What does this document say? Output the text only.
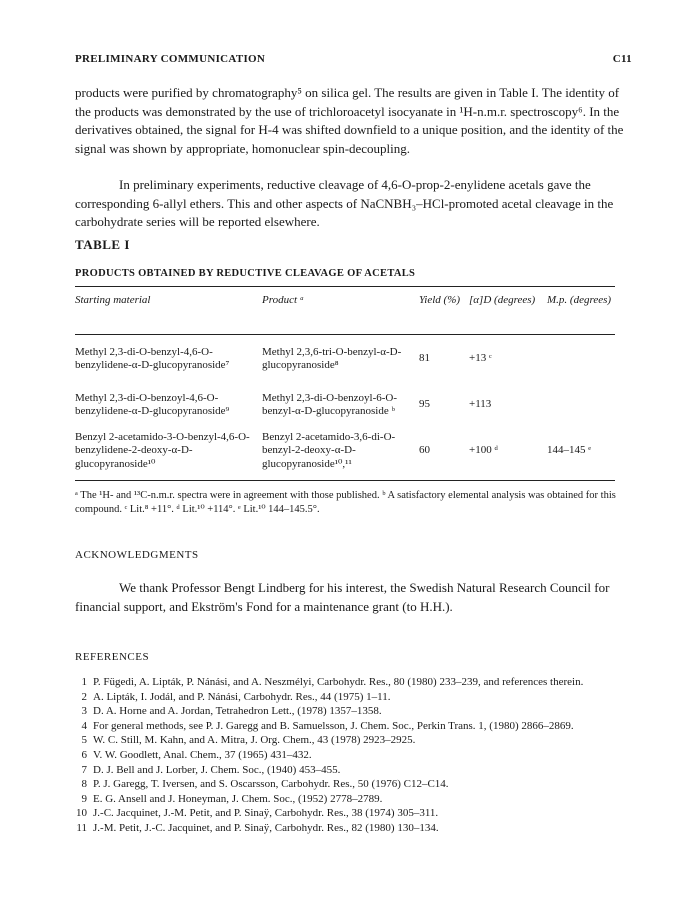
PRELIMINARY COMMUNICATION	C11
products were purified by chromatography⁵ on silica gel. The results are given in Table I. The identity of the products was demonstrated by the use of trichloroacetyl isocyanate in ¹H-n.m.r. spectroscopy⁶. In the derivatives obtained, the signal for H-4 was shifted downfield to a unique position, and the identity of the signal was shown by appropriate, homonuclear spin-decoupling.
In preliminary experiments, reductive cleavage of 4,6-O-prop-2-enylidene acetals gave the corresponding 6-allyl ethers. This and other aspects of NaCNBH₃–HCl-promoted acetal cleavage in the carbohydrate series will be reported elsewhere.
TABLE I
PRODUCTS OBTAINED BY REDUCTIVE CLEAVAGE OF ACETALS
Starting material	Product ᵃ	Yield (%)	[α]D (degrees)	M.p. (degrees)
Methyl 2,3-di-O-benzyl-4,6-O-benzylidene-α-D-glucopyranoside⁷	Methyl 2,3,6-tri-O-benzyl-α-D-glucopyranoside⁸	81	+13 ᶜ	
Methyl 2,3-di-O-benzoyl-4,6-O-benzylidene-α-D-glucopyranoside⁹	Methyl 2,3-di-O-benzoyl-6-O-benzyl-α-D-glucopyranoside ᵇ	95	+113	
Benzyl 2-acetamido-3-O-benzyl-4,6-O-benzylidene-2-deoxy-α-D-glucopyranoside¹⁰	Benzyl 2-acetamido-3,6-di-O-benzyl-2-deoxy-α-D-glucopyranoside¹⁰,¹¹	60	+100 ᵈ	144–145 ᵉ
ᵃ The ¹H- and ¹³C-n.m.r. spectra were in agreement with those published. ᵇ A satisfactory elemental analysis was obtained for this compound. ᶜ Lit.⁸ +11°. ᵈ Lit.¹⁰ +114°. ᵉ Lit.¹⁰ 144–145.5°.
ACKNOWLEDGMENTS
We thank Professor Bengt Lindberg for his interest, the Swedish Natural Research Council for financial support, and Ekström's Fond for a maintenance grant (to H.H.).
REFERENCES
1 P. Fügedi, A. Lipták, P. Nánási, and A. Neszmélyi, Carbohydr. Res., 80 (1980) 233–239, and references therein.
2 A. Lipták, I. Jodál, and P. Nánási, Carbohydr. Res., 44 (1975) 1–11.
3 D. A. Horne and A. Jordan, Tetrahedron Lett., (1978) 1357–1358.
4 For general methods, see P. J. Garegg and B. Samuelsson, J. Chem. Soc., Perkin Trans. 1, (1980) 2866–2869.
5 W. C. Still, M. Kahn, and A. Mitra, J. Org. Chem., 43 (1978) 2923–2925.
6 V. W. Goodlett, Anal. Chem., 37 (1965) 431–432.
7 D. J. Bell and J. Lorber, J. Chem. Soc., (1940) 453–455.
8 P. J. Garegg, T. Iversen, and S. Oscarsson, Carbohydr. Res., 50 (1976) C12–C14.
9 E. G. Ansell and J. Honeyman, J. Chem. Soc., (1952) 2778–2789.
10 J.-C. Jacquinet, J.-M. Petit, and P. Sinaÿ, Carbohydr. Res., 38 (1974) 305–311.
11 J.-M. Petit, J.-C. Jacquinet, and P. Sinaÿ, Carbohydr. Res., 82 (1980) 130–134.
